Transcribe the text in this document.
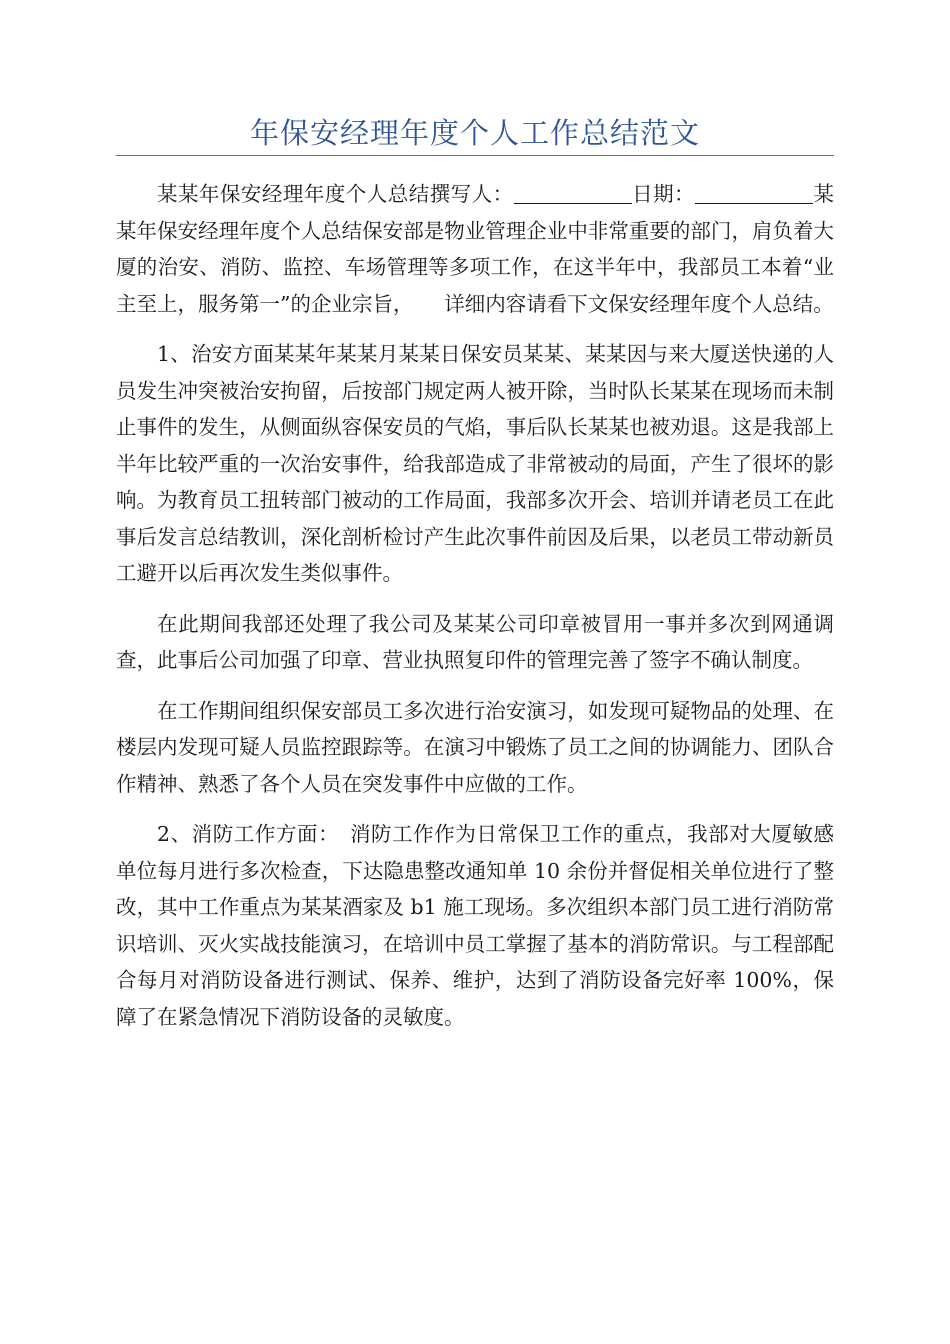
年保安经理年度个人工作总结范文

某某年保安经理年度个人总结撰写人：	日期：	某某年保安经理年度个人总结保安部是物业管理企业中非常重要的部门，肩负着大厦的治安、消防、监控、车场管理等多项工作，在这半年中，我部员工本着“业主至上，服务第一”的企业宗旨，　　详细内容请看下文保安经理年度个人总结。

1、治安方面某某年某某月某某日保安员某某、某某因与来大厦送快递的人员发生冲突被治安拘留，后按部门规定两人被开除，当时队长某某在现场而未制止事件的发生，从侧面纵容保安员的气焰，事后队长某某也被劝退。这是我部上半年比较严重的一次治安事件，给我部造成了非常被动的局面，产生了很坏的影响。为教育员工扭转部门被动的工作局面，我部多次开会、培训并请老员工在此事后发言总结教训，深化剖析检讨产生此次事件前因及后果，以老员工带动新员工避开以后再次发生类似事件。

在此期间我部还处理了我公司及某某公司印章被冒用一事并多次到网通调查，此事后公司加强了印章、营业执照复印件的管理完善了签字不确认制度。

在工作期间组织保安部员工多次进行治安演习，如发现可疑物品的处理、在楼层内发现可疑人员监控跟踪等。在演习中锻炼了员工之间的协调能力、团队合作精神、熟悉了各个人员在突发事件中应做的工作。

2、消防工作方面：　消防工作作为日常保卫工作的重点，我部对大厦敏感单位每月进行多次检查，下达隐患整改通知单 10 余份并督促相关单位进行了整改，其中工作重点为某某酒家及 b1 施工现场。多次组织本部门员工进行消防常识培训、灭火实战技能演习，在培训中员工掌握了基本的消防常识。与工程部配合每月对消防设备进行测试、保养、维护，达到了消防设备完好率 100%，保障了在紧急情况下消防设备的灵敏度。
